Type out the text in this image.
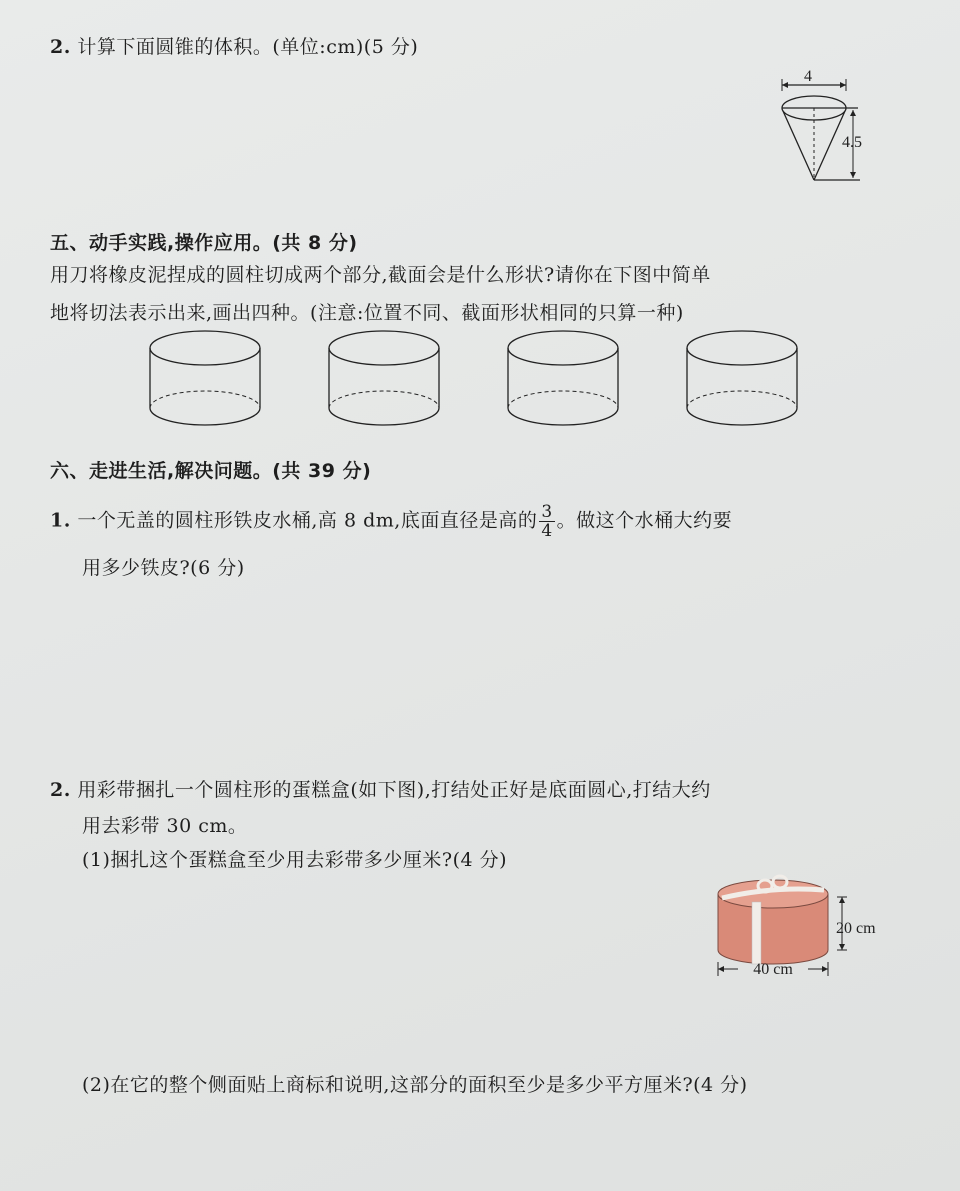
2. 计算下面圆锥的体积。(单位:cm)(5 分)
4
4.5
五、动手实践,操作应用。(共 8 分)
用刀将橡皮泥捏成的圆柱切成两个部分,截面会是什么形状?请你在下图中简单
地将切法表示出来,画出四种。(注意:位置不同、截面形状相同的只算一种)
六、走进生活,解决问题。(共 39 分)
1. 一个无盖的圆柱形铁皮水桶,高 8 dm,底面直径是高的 $\frac{3}{4}$ 。做这个水桶大约要
用多少铁皮?(6 分)
2. 用彩带捆扎一个圆柱形的蛋糕盒(如下图),打结处正好是底面圆心,打结大约
用去彩带 30 cm。
(1)捆扎这个蛋糕盒至少用去彩带多少厘米?(4 分)
20 cm
40 cm
(2)在它的整个侧面贴上商标和说明,这部分的面积至少是多少平方厘米?(4 分)
